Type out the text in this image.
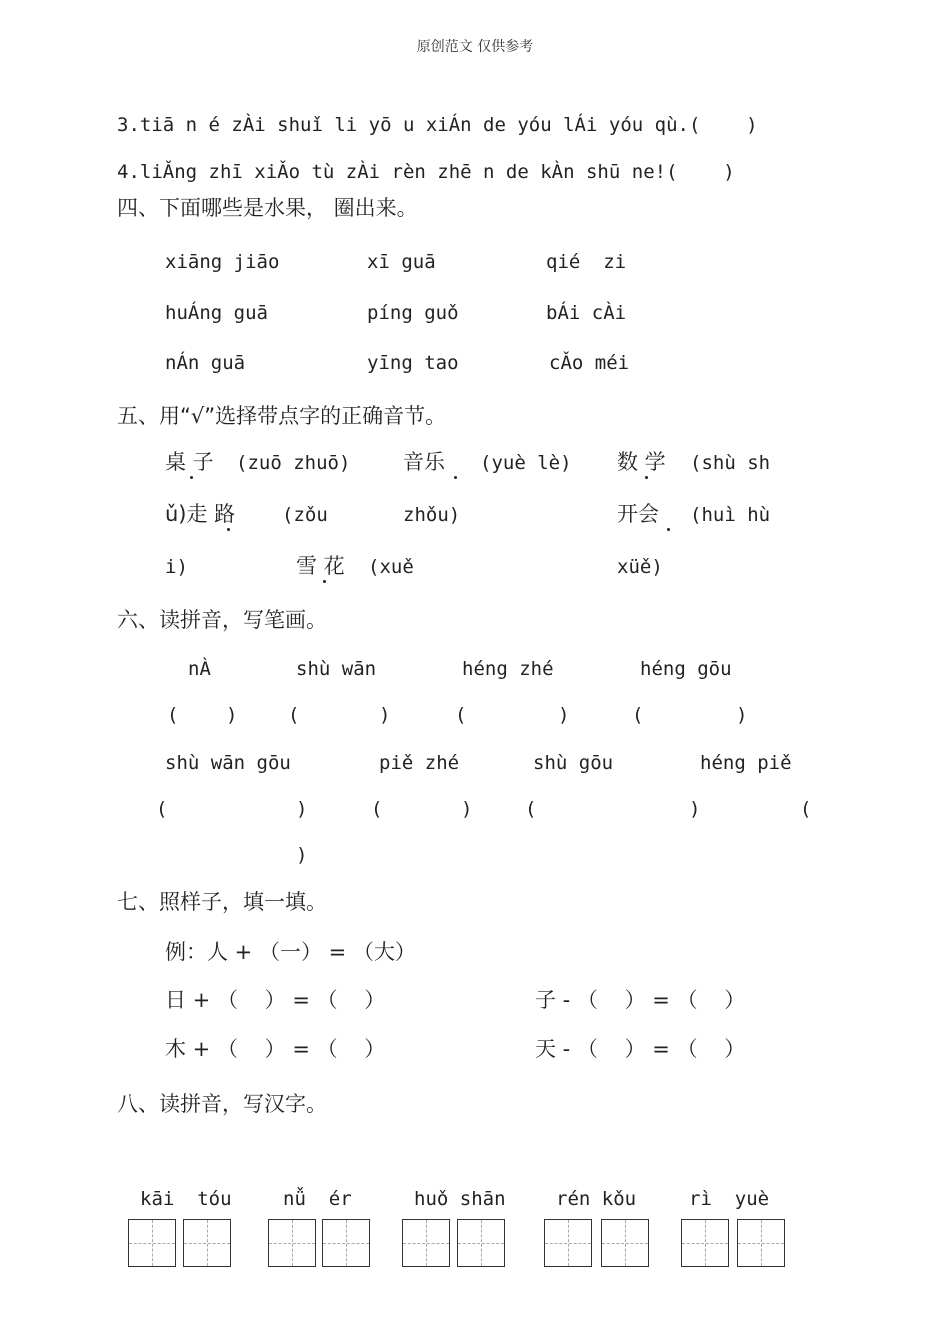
原创范文 仅供参考
3.tiā n é zÀi shuǐ li yō u xiÁn de yóu lÁi yóu qù.(    )
4.liǍng zhī xiǍo tù zÀi rèn zhē n de kÀn shū ne!(    )
四、下面哪些是水果， 圈出来。
xiāng jiāo	xī guā	qié  zi
huÁng guā	píng guǒ	bÁi cÀi
nÁn guā	yīng tao	cǍo méi
五、用“√”选择带点字的正确音节。
桌 子 (zuō zhuō)	音乐 (yuè lè) 数 学 (shù sh
ǔ)走 路 (zǒu	zhǒu)	开会 (huì hù
i)	雪 花 (xuě	xüě)
六、读拼音，写笔画。
nÀ	shù wān	héng zhé	héng gōu
(	)	(	)	(	)	(	)
shù wān gōu	piě zhé	shù gōu	héng piě
(	)	(	)	(	)	(
)
七、照样子，填一填。
例：人 + （一） = （大）
日 + （    ） = （    ）	子 - （    ） = （    ）
木 + （    ） = （    ）	天 - （    ） = （    ）
八、读拼音，写汉字。
kāi  tóu	nǚ  ér	huǒ shān	rén kǒu	rì  yuè
